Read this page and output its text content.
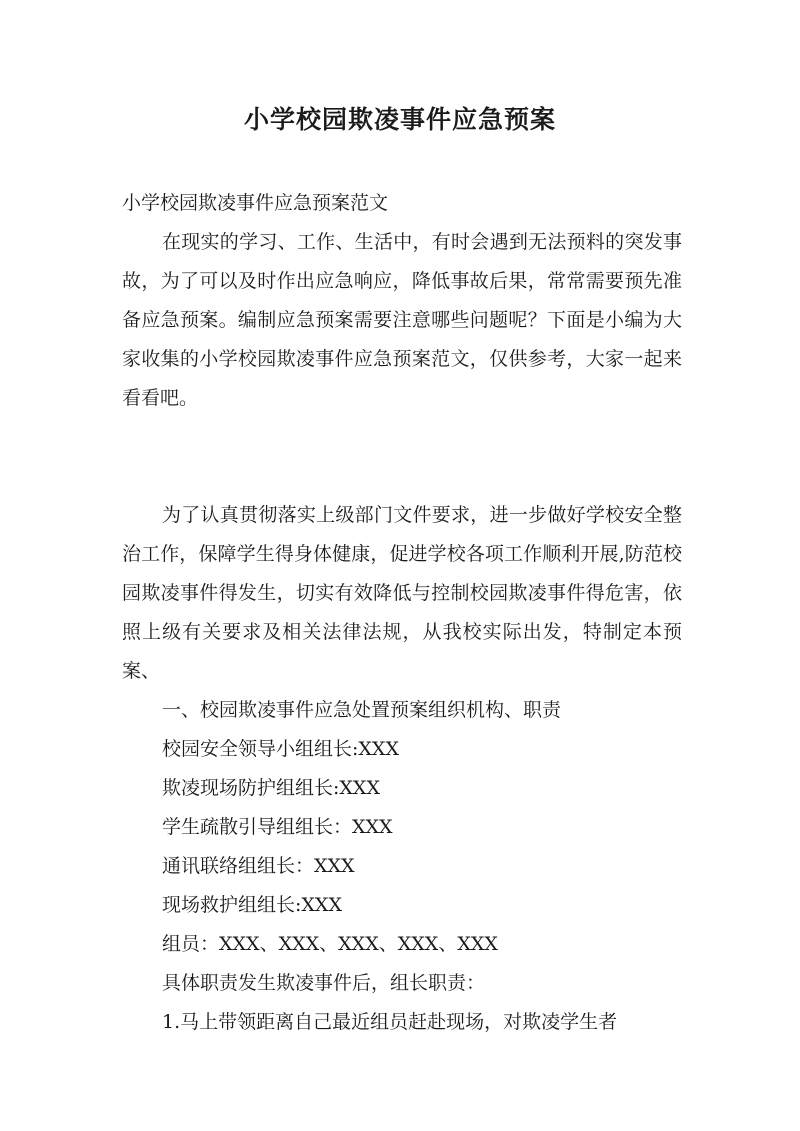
小学校园欺凌事件应急预案

小学校园欺凌事件应急预案范文

在现实的学习、工作、生活中，有时会遇到无法预料的突发事故，为了可以及时作出应急响应，降低事故后果，常常需要预先准备应急预案。编制应急预案需要注意哪些问题呢？下面是小编为大家收集的小学校园欺凌事件应急预案范文，仅供参考，大家一起来看看吧。

为了认真贯彻落实上级部门文件要求，进一步做好学校安全整治工作，保障学生得身体健康，促进学校各项工作顺利开展,防范校园欺凌事件得发生，切实有效降低与控制校园欺凌事件得危害，依照上级有关要求及相关法律法规，从我校实际出发，特制定本预案、

一、校园欺凌事件应急处置预案组织机构、职责

校园安全领导小组组长:XXX

欺凌现场防护组组长:XXX

学生疏散引导组组长：XXX

通讯联络组组长：XXX

现场救护组组长:XXX

组员：XXX、XXX、XXX、XXX、XXX

具体职责发生欺凌事件后，组长职责：

1.马上带领距离自己最近组员赶赴现场，对欺凌学生者
